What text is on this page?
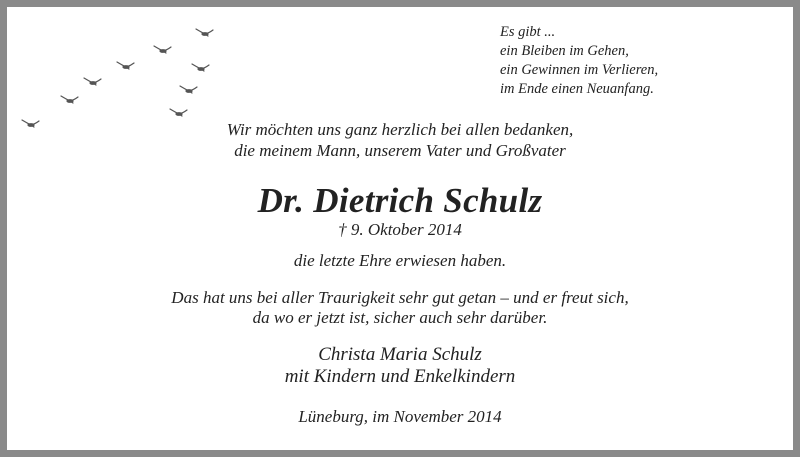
Es gibt ...
ein Bleiben im Gehen,
ein Gewinnen im Verlieren,
im Ende einen Neuanfang.
Wir möchten uns ganz herzlich bei allen bedanken,
die meinem Mann, unserem Vater und Großvater
Dr. Dietrich Schulz
† 9. Oktober 2014
die letzte Ehre erwiesen haben.
Das hat uns bei aller Traurigkeit sehr gut getan – und er freut sich,
da wo er jetzt ist, sicher auch sehr darüber.
Christa Maria Schulz
mit Kindern und Enkelkindern
Lüneburg, im November 2014
